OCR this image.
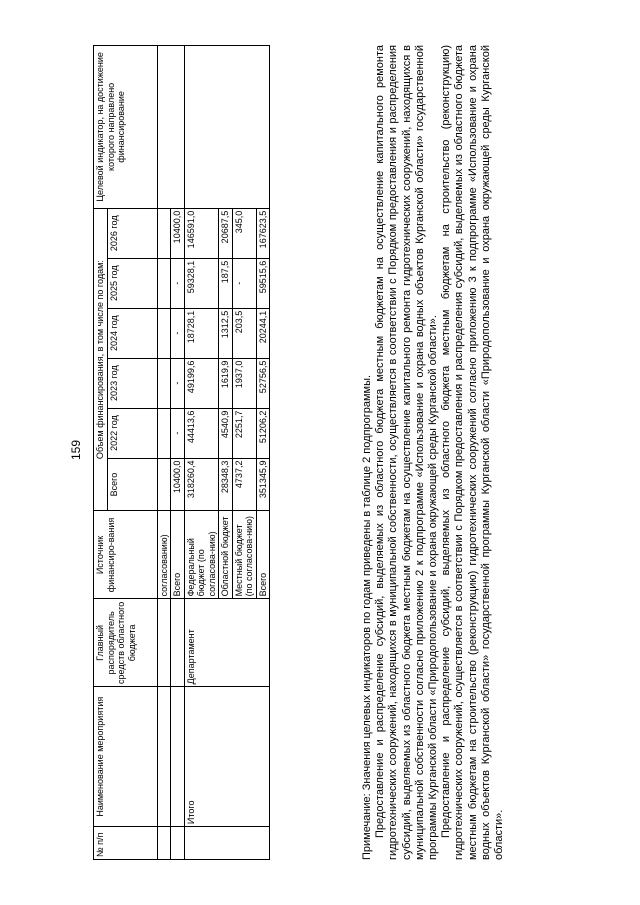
159
№ п/п	Наименование мероприятия	Главный распорядитель средств областного бюджета	Источник финансиро-вания	Объем финансирования, в том числе по годам:						Целевой индикатор, на достижение которого направлено финансирование
				Всего	2022 год	2023 год	2024 год	2025 год	2026 год	
			согласованию)							
			Всего	10400,0	-	-	-	-	10400,0	
	Итого	Департамент	Федеральный бюджет (по согласова-нию)	318260,4	44413,6	49199,6	18728,1	59328,1	146591,0	
			Областной бюджет	28348,3	4540,9	1619,9	1312,5	187,5	20687,5	
			Местный бюджет (по согласова-нию)	4737,2	2251,7	1937,0	203,5	-	345,0	
			Всего	351345,9	51206,2	52756,5	20244,1	59515,6	167623,5	

Примечание: Значения целевых индикаторов по годам приведены в таблице 2 подпрограммы. Предоставление и распределение субсидий, выделяемых из областного бюджета местным бюджетам на осуществление капитального ремонта гидротехнических сооружений, находящихся в муниципальной собственности, осуществляется в соответствии с Порядком предоставления и распределения субсидий, выделяемых из областного бюджета местным бюджетам на осуществление капитального ремонта гидротехнических сооружений, находящихся в муниципальной собственности согласно приложению 2 к подпрограмме «Использование и охрана водных объектов Курганской области» государственной программы Курганской области «Природопользование и охрана окружающей среды Курганской области». Предоставление и распределение субсидий, выделяемых из областного бюджета местным бюджетам на строительство (реконструкцию) гидротехнических сооружений, осуществляется в соответствии с Порядком предоставления и распределения субсидий, выделяемых из областного бюджета местным бюджетам на строительство (реконструкцию) гидротехнических сооружений согласно приложению 3 к подпрограмме «Использование и охрана водных объектов Курганской области» государственной программы Курганской области «Природопользование и охрана окружающей среды Курганской области».
